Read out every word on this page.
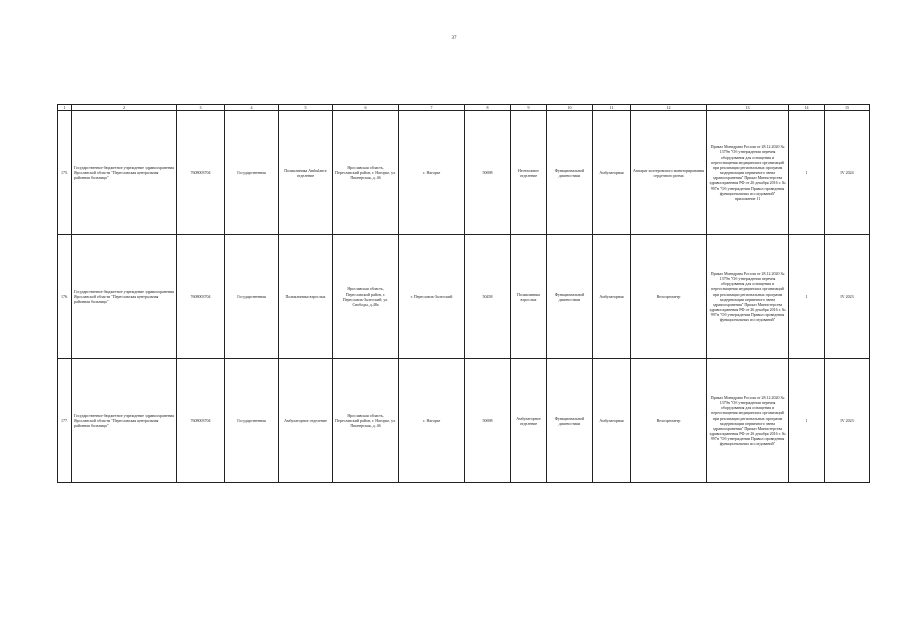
37
1	2	3	4	5	6	7	8	9	10	11	12	13	14	15
175.	Государственное бюджетное учреждение здравоохранения Ярославской области "Переславская центральная районная больница"	7608003704	Государственная	Поликлиника Ambulance отделение	Ярославская область, Переславский район, г. Нагорье, ул. Пионерская, д. 46	с. Нагорье	50698	Неотложное отделение	Функциональной диагностики	Амбулаторная	Аппарат холтеровского мониторирования сердечного ритма	Приказ Минздрава России от 28.12.2020 № 1379н "Об утверждении перечня оборудования для оснащения и переоснащения медицинских организаций при реализации региональных программ модернизации первичного звена здравоохранения" Приказ Министерства здравоохранения РФ от 26 декабря 2016 г. № 997н "Об утверждении Правил проведения функциональных исследований" приложение 11	1	IV 2024
176.	Государственное бюджетное учреждение здравоохранения Ярославской области "Переславская центральная районная больница"	7608003704	Государственная	Поликлиника взрослых	Ярославская область, Переславский район, г. Переславль-Залесский, ул. Свободы, д.48а	г. Переславль-Залесский	50458	Поликлиника взрослых	Функциональной диагностики	Амбулаторная	Велоэргометр	Приказ Минздрава России от 28.12.2020 № 1379н "Об утверждении перечня оборудования для оснащения и переоснащения медицинских организаций при реализации региональных программ модернизации первичного звена здравоохранения" Приказ Министерства здравоохранения РФ от 26 декабря 2016 г. № 997н "Об утверждении Правил проведения функциональных исследований"	1	IV 2023
177.	Государственное бюджетное учреждение здравоохранения Ярославской области "Переславская центральная районная больница"	7608003704	Государственная	Амбулаторное отделение	Ярославская область, Переславский район, г. Нагорье, ул. Пионерская, д. 46	с. Нагорье	50698	Амбулаторное отделение	Функциональной диагностики	Амбулаторная	Велоэргометр	Приказ Минздрава России от 28.12.2020 № 1379н "Об утверждении перечня оборудования для оснащения и переоснащения медицинских организаций при реализации региональных программ модернизации первичного звена здравоохранения" Приказ Министерства здравоохранения РФ от 26 декабря 2016 г. № 997н "Об утверждении Правил проведения функциональных исследований"	1	IV 2023
